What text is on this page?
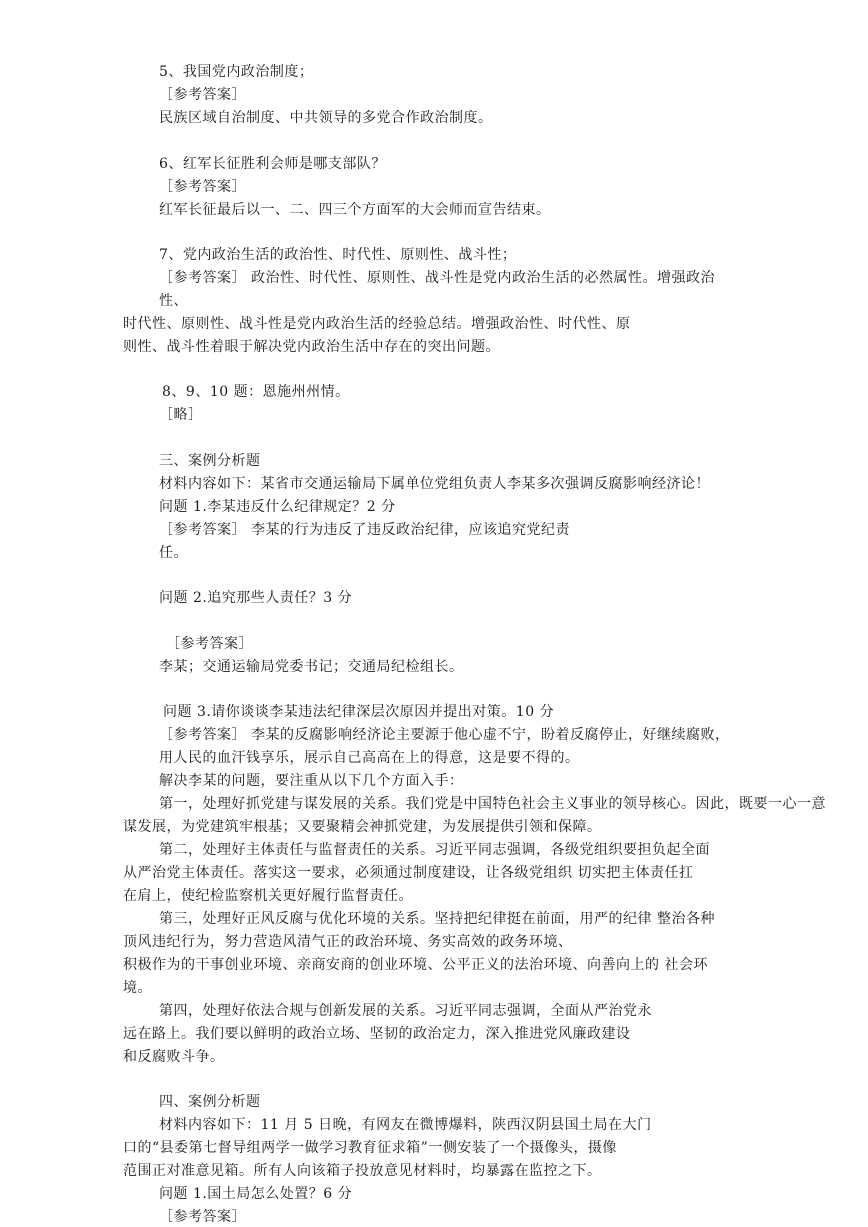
5、我国党内政治制度；
［参考答案］
民族区域自治制度、中共领导的多党合作政治制度。
6、红军长征胜利会师是哪支部队？
［参考答案］
红军长征最后以一、二、四三个方面军的大会师而宣告结束。
7、党内政治生活的政治性、时代性、原则性、战斗性；
［参考答案］ 政治性、时代性、原则性、战斗性是党内政治生活的必然属性。增强政治
性、
时代性、原则性、战斗性是党内政治生活的经验总结。增强政治性、时代性、原
则性、战斗性着眼于解决党内政治生活中存在的突出问题。
8、9、10 题：恩施州州情。
［略］
三、案例分析题
材料内容如下：某省市交通运输局下属单位党组负责人李某多次强调反腐影响经济论！
问题 1.李某违反什么纪律规定？2 分
［参考答案］ 李某的行为违反了违反政治纪律，应该追究党纪责
任。
问题 2.追究那些人责任？3 分
［参考答案］
李某；交通运输局党委书记；交通局纪检组长。
问题 3.请你谈谈李某违法纪律深层次原因并提出对策。10 分
［参考答案］ 李某的反腐影响经济论主要源于他心虚不宁，盼着反腐停止，好继续腐败，
用人民的血汗钱享乐，展示自己高高在上的得意，这是要不得的。
解决李某的问题，要注重从以下几个方面入手：
第一，处理好抓党建与谋发展的关系。我们党是中国特色社会主义事业的领导核心。因此，既要一心一意
谋发展，为党建筑牢根基；又要聚精会神抓党建，为发展提供引领和保障。
第二，处理好主体责任与监督责任的关系。习近平同志强调，各级党组织要担负起全面
从严治党主体责任。落实这一要求，必须通过制度建设，让各级党组织 切实把主体责任扛
在肩上，使纪检监察机关更好履行监督责任。
第三，处理好正风反腐与优化环境的关系。坚持把纪律挺在前面，用严的纪律 整治各种
顶风违纪行为，努力营造风清气正的政治环境、务实高效的政务环境、
积极作为的干事创业环境、亲商安商的创业环境、公平正义的法治环境、向善向上的 社会环
境。
第四，处理好依法合规与创新发展的关系。习近平同志强调，全面从严治党永
远在路上。我们要以鲜明的政治立场、坚韧的政治定力，深入推进党风廉政建设
和反腐败斗争。
四、案例分析题
材料内容如下：11 月 5 日晚，有网友在微博爆料，陕西汉阴县国土局在大门
口的“县委第七督导组两学一做学习教育征求箱”一侧安装了一个摄像头，摄像
范围正对准意见箱。所有人向该箱子投放意见材料时，均暴露在监控之下。
问题 1.国土局怎么处置？6 分
［参考答案］
